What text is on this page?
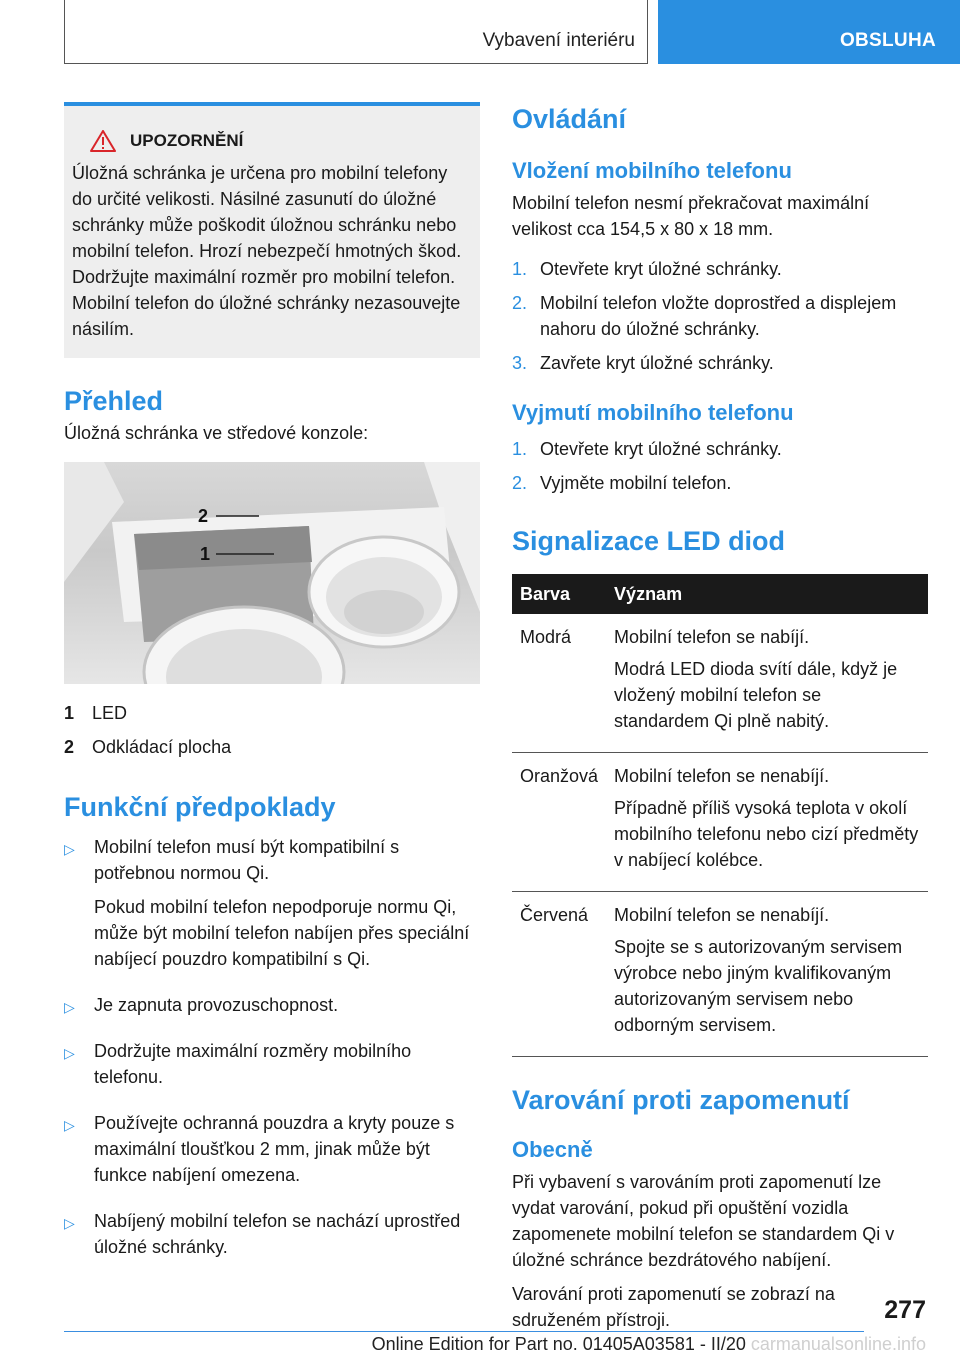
Vybavení interiéru	OBSLUHA
UPOZORNĚNÍ

Úložná schránka je určena pro mobilní telefony do určité velikosti. Násilné zasunutí do úložné schránky může poškodit úložnou schránku nebo mobilní telefon. Hrozí nebezpečí hmotných škod. Dodržujte maximální rozměr pro mobilní telefon. Mobilní telefon do úložné schránky nezasouvejte násilím.

Přehled

Úložná schránka ve středové konzole:

2
1
1 LED
2 Odkládací plocha
Funkční předpoklady
▷	Mobilní telefon musí být kompatibilní s potřebnou normou Qi.

Pokud mobilní telefon nepodporuje normu Qi, může být mobilní telefon nabíjen přes speciální nabíjecí pouzdro kompatibilní s Qi.

▷	Je zapnuta provozuschopnost.

▷	Dodržujte maximální rozměry mobilního telefonu.

▷	Používejte ochranná pouzdra a kryty pouze s maximální tloušťkou 2 mm, jinak může být funkce nabíjení omezena.

▷	Nabíjený mobilní telefon se nachází uprostřed úložné schránky.

Ovládání
Vložení mobilního telefonu

Mobilní telefon nesmí překračovat maximální velikost cca 154,5 x 80 x 18 mm.

1. Otevřete kryt úložné schránky.
2. Mobilní telefon vložte doprostřed a displejem nahoru do úložné schránky.
3. Zavřete kryt úložné schránky.
Vyjmutí mobilního telefonu
1. Otevřete kryt úložné schránky.
2. Vyjměte mobilní telefon.
Signalizace LED diod
Barva	Význam
Modrá	Mobilní telefon se nabíjí.

Modrá LED dioda svítí dále, když je vložený mobilní telefon se standardem Qi plně nabitý.

Oranžová	Mobilní telefon se nenabíjí.

Případně příliš vysoká teplota v okolí mobilního telefonu nebo cizí předměty v nabíjecí kolébce.

Červená	Mobilní telefon se nenabíjí.

Spojte se s autorizovaným servisem výrobce nebo jiným kvalifikovaným autorizovaným servisem nebo odborným servisem.

Varování proti zapomenutí
Obecně

Při vybavení s varováním proti zapomenutí lze vydat varování, pokud při opuštění vozidla zapomenete mobilní telefon se standardem Qi v úložné schránce bezdrátového nabíjení.

Varování proti zapomenutí se zobrazí na sdruženém přístroji.	277
Online Edition for Part no. 01405A03581 - II/20 carmanualsonline.info
